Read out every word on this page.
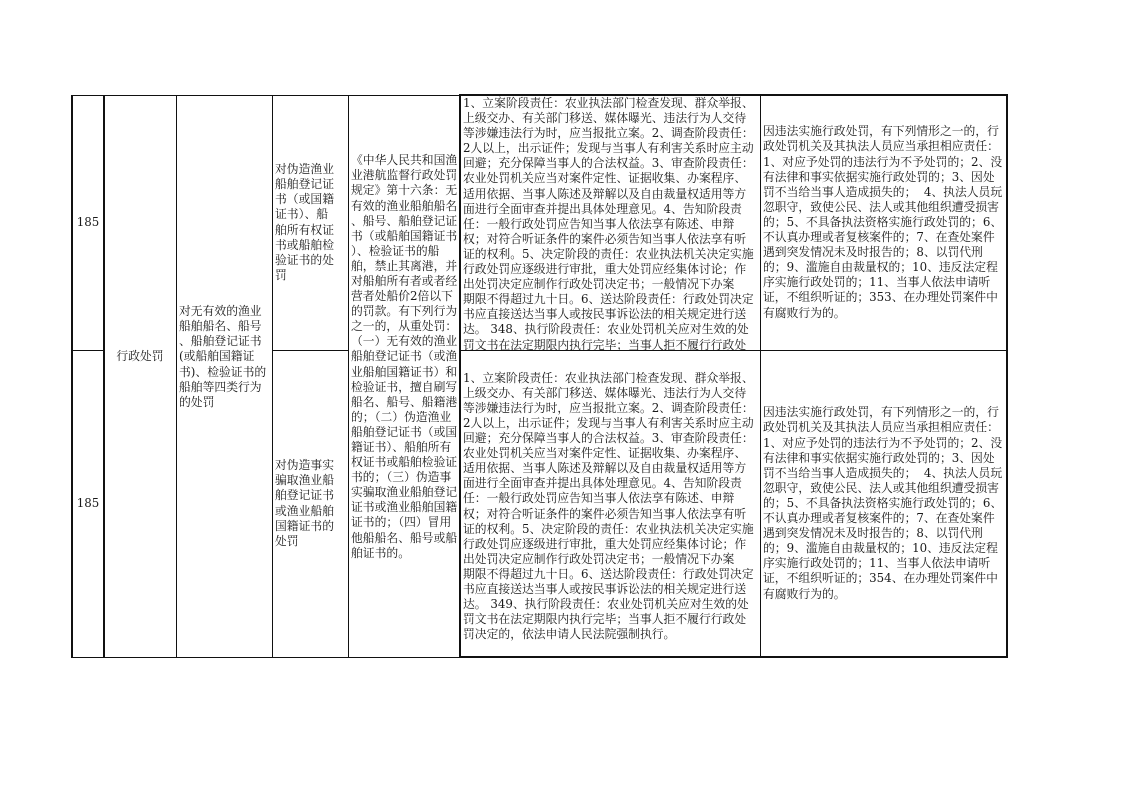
185
185
行政处罚
对无有效的渔业
船舶船名、船号
、船舶登记证书
(或船舶国籍证
书)、检验证书的
船舶等四类行为
的处罚
对伪造渔业
船舶登记证
书（或国籍
证书）、船
舶所有权证
书或船舶检
验证书的处
罚
对伪造事实
骗取渔业船
舶登记证书
或渔业船舶
国籍证书的
处罚
《中华人民共和国渔
业港航监督行政处罚
规定》第十六条：无
有效的渔业船舶船名
、船号、船舶登记证
书（或船舶国籍证书
）、检验证书的船
舶，禁止其离港，并
对船舶所有者或者经
营者处船价2倍以下
的罚款。有下列行为
之一的，从重处罚：
（一）无有效的渔业
船舶登记证书（或渔
业船舶国籍证书）和
检验证书，擅自刷写
船名、船号、船籍港
的；（二）伪造渔业
船舶登记证书（或国
籍证书）、船舶所有
权证书或船舶检验证
书的；（三）伪造事
实骗取渔业船舶登记
证书或渔业船舶国籍
证书的；（四）冒用
他船船名、船号或船
舶证书的。
1、立案阶段责任：农业执法部门检查发现、群众举报、
上级交办、有关部门移送、媒体曝光、违法行为人交待
等涉嫌违法行为时，应当报批立案。2、调查阶段责任：
2人以上，出示证件；发现与当事人有利害关系时应主动
回避；充分保障当事人的合法权益。3、审查阶段责任：
农业处罚机关应当对案件定性、证据收集、办案程序、
适用依据、当事人陈述及辩解以及自由裁量权适用等方
面进行全面审查并提出具体处理意见。4、告知阶段责
任：一般行政处罚应告知当事人依法享有陈述、申辩
权；对符合听证条件的案件必须告知当事人依法享有听
证的权利。5、决定阶段的责任：农业执法机关决定实施
行政处罚应逐级进行审批，重大处罚应经集体讨论；作
出处罚决定应制作行政处罚决定书；一般情况下办案
期限不得超过九十日。6、送达阶段责任：行政处罚决定
书应直接送达当事人或按民事诉讼法的相关规定进行送
达。 348、执行阶段责任：农业处罚机关应对生效的处
罚文书在法定期限内执行完毕；当事人拒不履行行政处
1、立案阶段责任：农业执法部门检查发现、群众举报、
上级交办、有关部门移送、媒体曝光、违法行为人交待
等涉嫌违法行为时，应当报批立案。2、调查阶段责任：
2人以上，出示证件；发现与当事人有利害关系时应主动
回避；充分保障当事人的合法权益。3、审查阶段责任：
农业处罚机关应当对案件定性、证据收集、办案程序、
适用依据、当事人陈述及辩解以及自由裁量权适用等方
面进行全面审查并提出具体处理意见。4、告知阶段责
任：一般行政处罚应告知当事人依法享有陈述、申辩
权；对符合听证条件的案件必须告知当事人依法享有听
证的权利。5、决定阶段的责任：农业执法机关决定实施
行政处罚应逐级进行审批，重大处罚应经集体讨论；作
出处罚决定应制作行政处罚决定书；一般情况下办案
期限不得超过九十日。6、送达阶段责任：行政处罚决定
书应直接送达当事人或按民事诉讼法的相关规定进行送
达。 349、执行阶段责任：农业处罚机关应对生效的处
罚文书在法定期限内执行完毕；当事人拒不履行行政处
罚决定的，依法申请人民法院强制执行。
因违法实施行政处罚，有下列情形之一的，行
政处罚机关及其执法人员应当承担相应责任：
1、对应予处罚的违法行为不予处罚的；2、没
有法律和事实依据实施行政处罚的；3、因处
罚不当给当事人造成损失的；  4、执法人员玩
忽职守，致使公民、法人或其他组织遭受损害
的；5、不具备执法资格实施行政处罚的；6、
不认真办理或者复核案件的；7、在查处案件
遇到突发情况未及时报告的；8、以罚代刑
的；9、滥施自由裁量权的；10、违反法定程
序实施行政处罚的；11、当事人依法申请听
证，不组织听证的；353、在办理处罚案件中
有腐败行为的。
因违法实施行政处罚，有下列情形之一的，行
政处罚机关及其执法人员应当承担相应责任：
1、对应予处罚的违法行为不予处罚的；2、没
有法律和事实依据实施行政处罚的；3、因处
罚不当给当事人造成损失的；  4、执法人员玩
忽职守，致使公民、法人或其他组织遭受损害
的；5、不具备执法资格实施行政处罚的；6、
不认真办理或者复核案件的；7、在查处案件
遇到突发情况未及时报告的；8、以罚代刑
的；9、滥施自由裁量权的；10、违反法定程
序实施行政处罚的；11、当事人依法申请听
证，不组织听证的；354、在办理处罚案件中
有腐败行为的。
